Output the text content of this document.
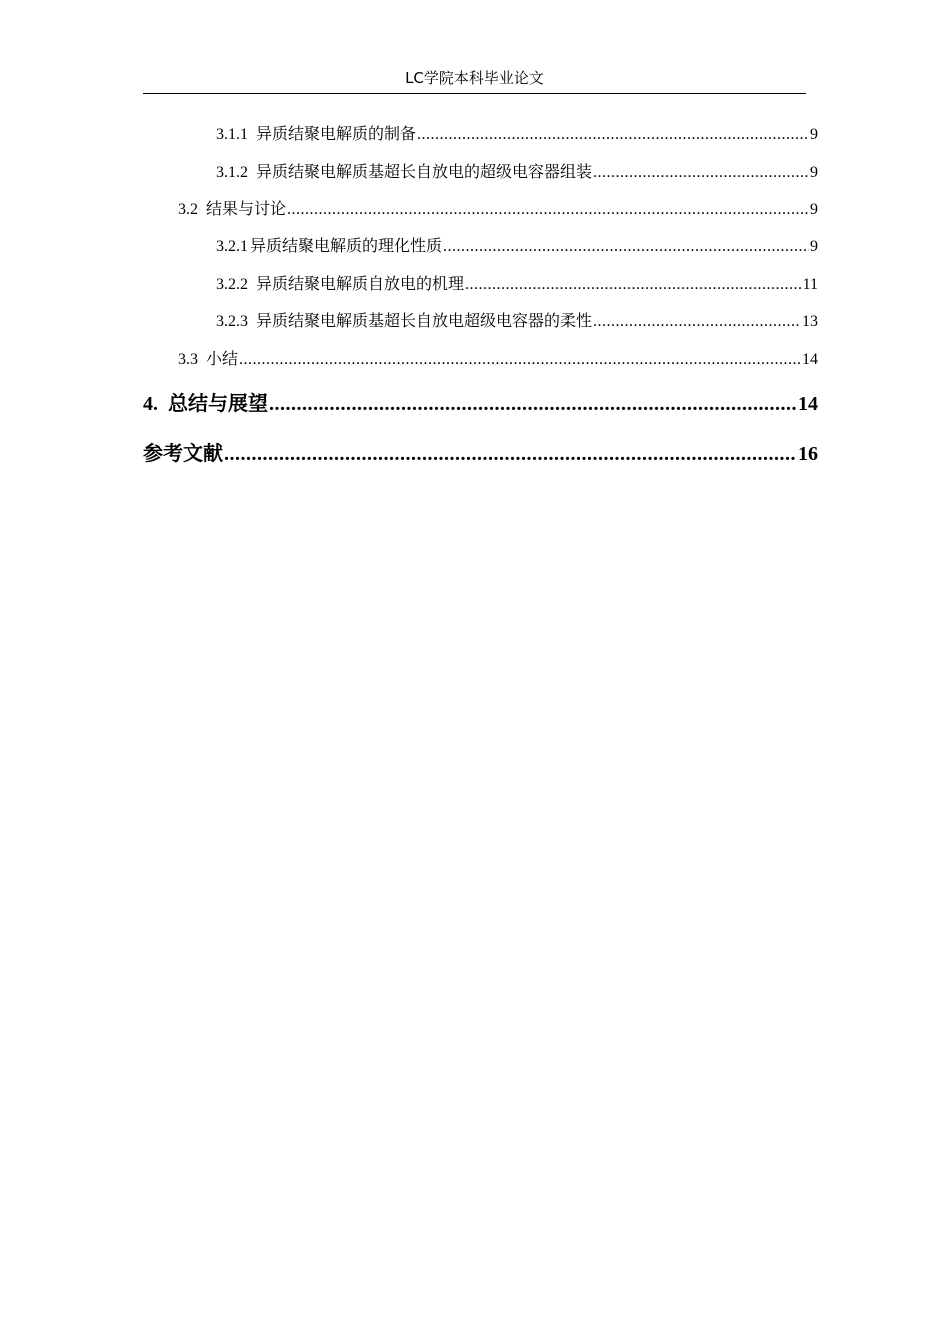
LC学院本科毕业论文
3.1.1 异质结聚电解质的制备 .....	9
3.1.2 异质结聚电解质基超长自放电的超级电容器组装 .....	9
3.2 结果与讨论 .....	9
3.2.1 异质结聚电解质的理化性质 .....	9
3.2.2 异质结聚电解质自放电的机理 .....	11
3.2.3 异质结聚电解质基超长自放电超级电容器的柔性 .....	13
3.3 小结 .....	14
4. 总结与展望 .....	14
参考文献 .....	16
